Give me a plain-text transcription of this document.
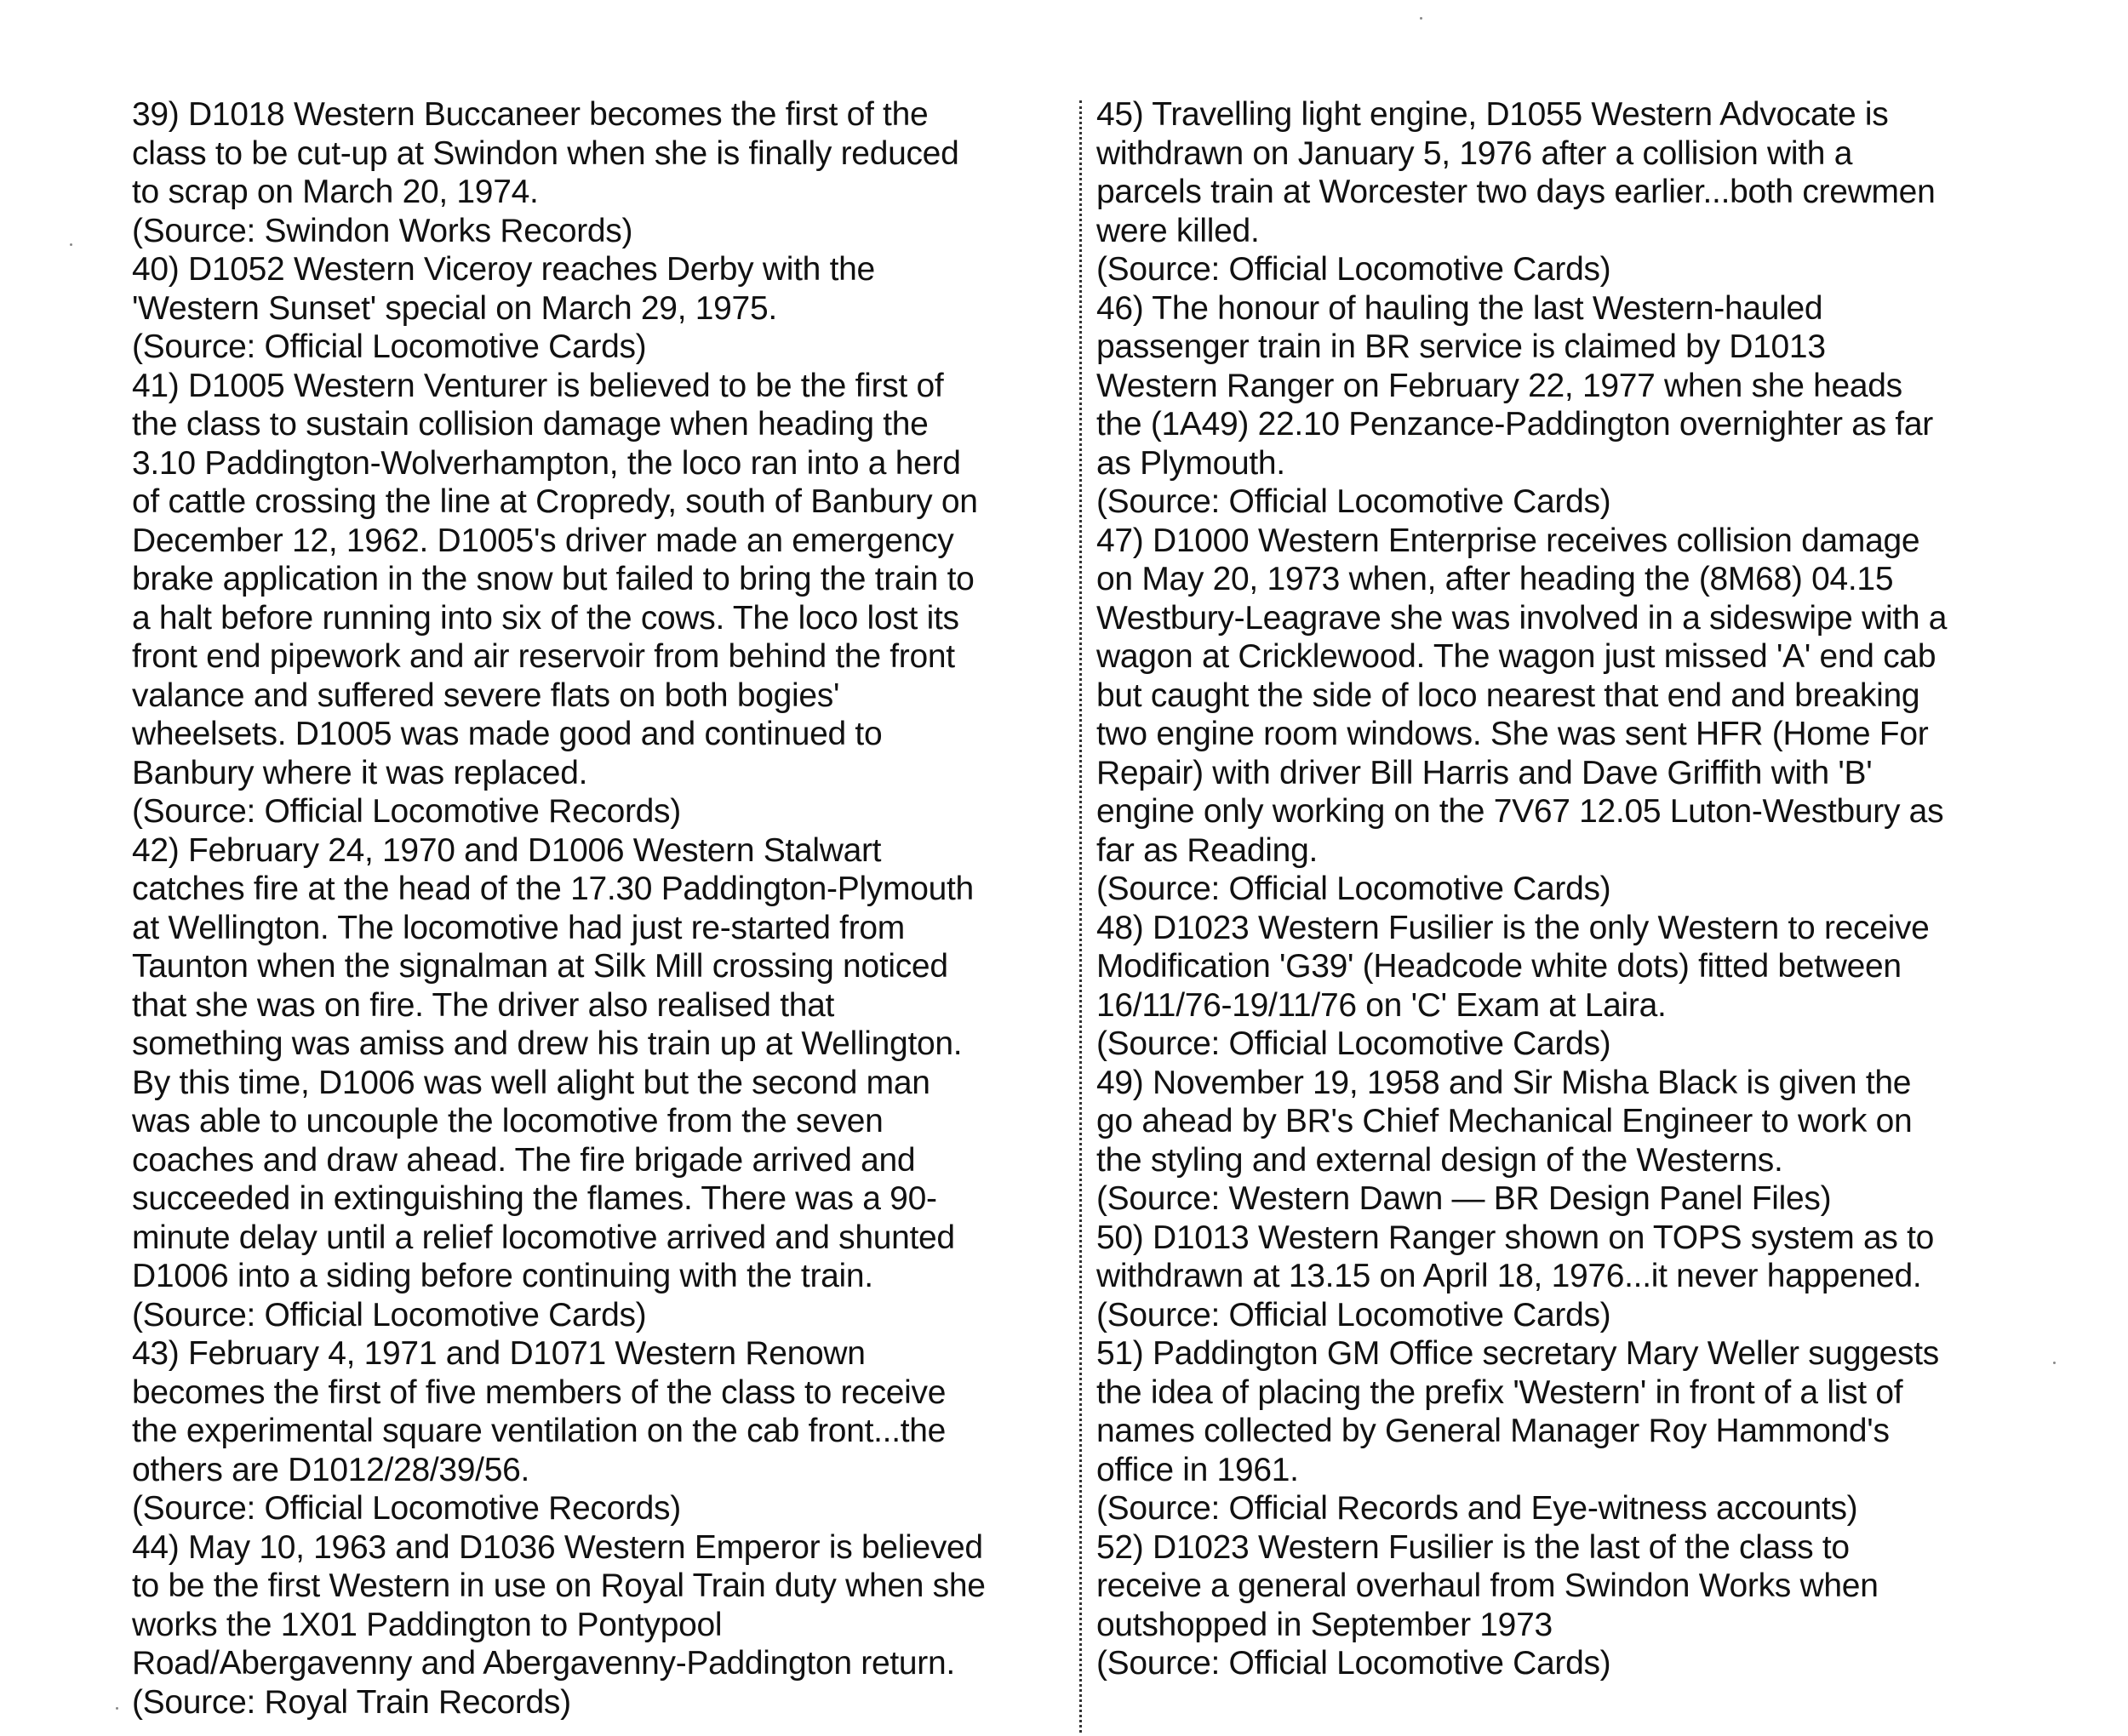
39) D1018 Western Buccaneer becomes the first of the
class to be cut-up at Swindon when she is finally reduced
to scrap on March 20, 1974.
(Source: Swindon Works Records)
40) D1052 Western Viceroy reaches Derby with the
'Western Sunset' special on March 29, 1975.
(Source: Official Locomotive Cards)
41) D1005 Western Venturer is believed to be the first of
the class to sustain collision damage when heading the
3.10 Paddington-Wolverhampton, the loco ran into a herd
of cattle crossing the line at Cropredy, south of Banbury on
December 12, 1962. D1005's driver made an emergency
brake application in the snow but failed to bring the train to
a halt before running into six of the cows. The loco lost its
front end pipework and air reservoir from behind the front
valance and suffered severe flats on both bogies'
wheelsets. D1005 was made good and continued to
Banbury where it was replaced.
(Source: Official Locomotive Records)
42) February 24, 1970 and D1006 Western Stalwart
catches fire at the head of the 17.30 Paddington-Plymouth
at Wellington. The locomotive had just re-started from
Taunton when the signalman at Silk Mill crossing noticed
that she was on fire. The driver also realised that
something was amiss and drew his train up at Wellington.
By this time, D1006 was well alight but the second man
was able to uncouple the locomotive from the seven
coaches and draw ahead. The fire brigade arrived and
succeeded in extinguishing the flames. There was a 90-
minute delay until a relief locomotive arrived and shunted
D1006 into a siding before continuing with the train.
(Source: Official Locomotive Cards)
43) February 4, 1971 and D1071 Western Renown
becomes the first of five members of the class to receive
the experimental square ventilation on the cab front...the
others are D1012/28/39/56.
(Source: Official Locomotive Records)
44) May 10, 1963 and D1036 Western Emperor is believed
to be the first Western in use on Royal Train duty when she
works the 1X01 Paddington to Pontypool
Road/Abergavenny and Abergavenny-Paddington return.
(Source: Royal Train Records)
45) Travelling light engine, D1055 Western Advocate is
withdrawn on January 5, 1976 after a collision with a
parcels train at Worcester two days earlier...both crewmen
were killed.
(Source: Official Locomotive Cards)
46) The honour of hauling the last Western-hauled
passenger train in BR service is claimed by D1013
Western Ranger on February 22, 1977 when she heads
the (1A49) 22.10 Penzance-Paddington overnighter as far
as Plymouth.
(Source: Official Locomotive Cards)
47) D1000 Western Enterprise receives collision damage
on May 20, 1973 when, after heading the (8M68) 04.15
Westbury-Leagrave she was involved in a sideswipe with a
wagon at Cricklewood. The wagon just missed 'A' end cab
but caught the side of loco nearest that end and breaking
two engine room windows. She was sent HFR (Home For
Repair) with driver Bill Harris and Dave Griffith with 'B'
engine only working on the 7V67 12.05 Luton-Westbury as
far as Reading.
(Source: Official Locomotive Cards)
48) D1023 Western Fusilier is the only Western to receive
Modification 'G39' (Headcode white dots) fitted between
16/11/76-19/11/76 on 'C' Exam at Laira.
(Source: Official Locomotive Cards)
49) November 19, 1958 and Sir Misha Black is given the
go ahead by BR's Chief Mechanical Engineer to work on
the styling and external design of the Westerns.
(Source: Western Dawn — BR Design Panel Files)
50) D1013 Western Ranger shown on TOPS system as to
withdrawn at 13.15 on April 18, 1976...it never happened.
(Source: Official Locomotive Cards)
51) Paddington GM Office secretary Mary Weller suggests
the idea of placing the prefix 'Western' in front of a list of
names collected by General Manager Roy Hammond's
office in 1961.
(Source: Official Records and Eye-witness accounts)
52) D1023 Western Fusilier is the last of the class to
receive a general overhaul from Swindon Works when
outshopped in September 1973
(Source: Official Locomotive Cards)
